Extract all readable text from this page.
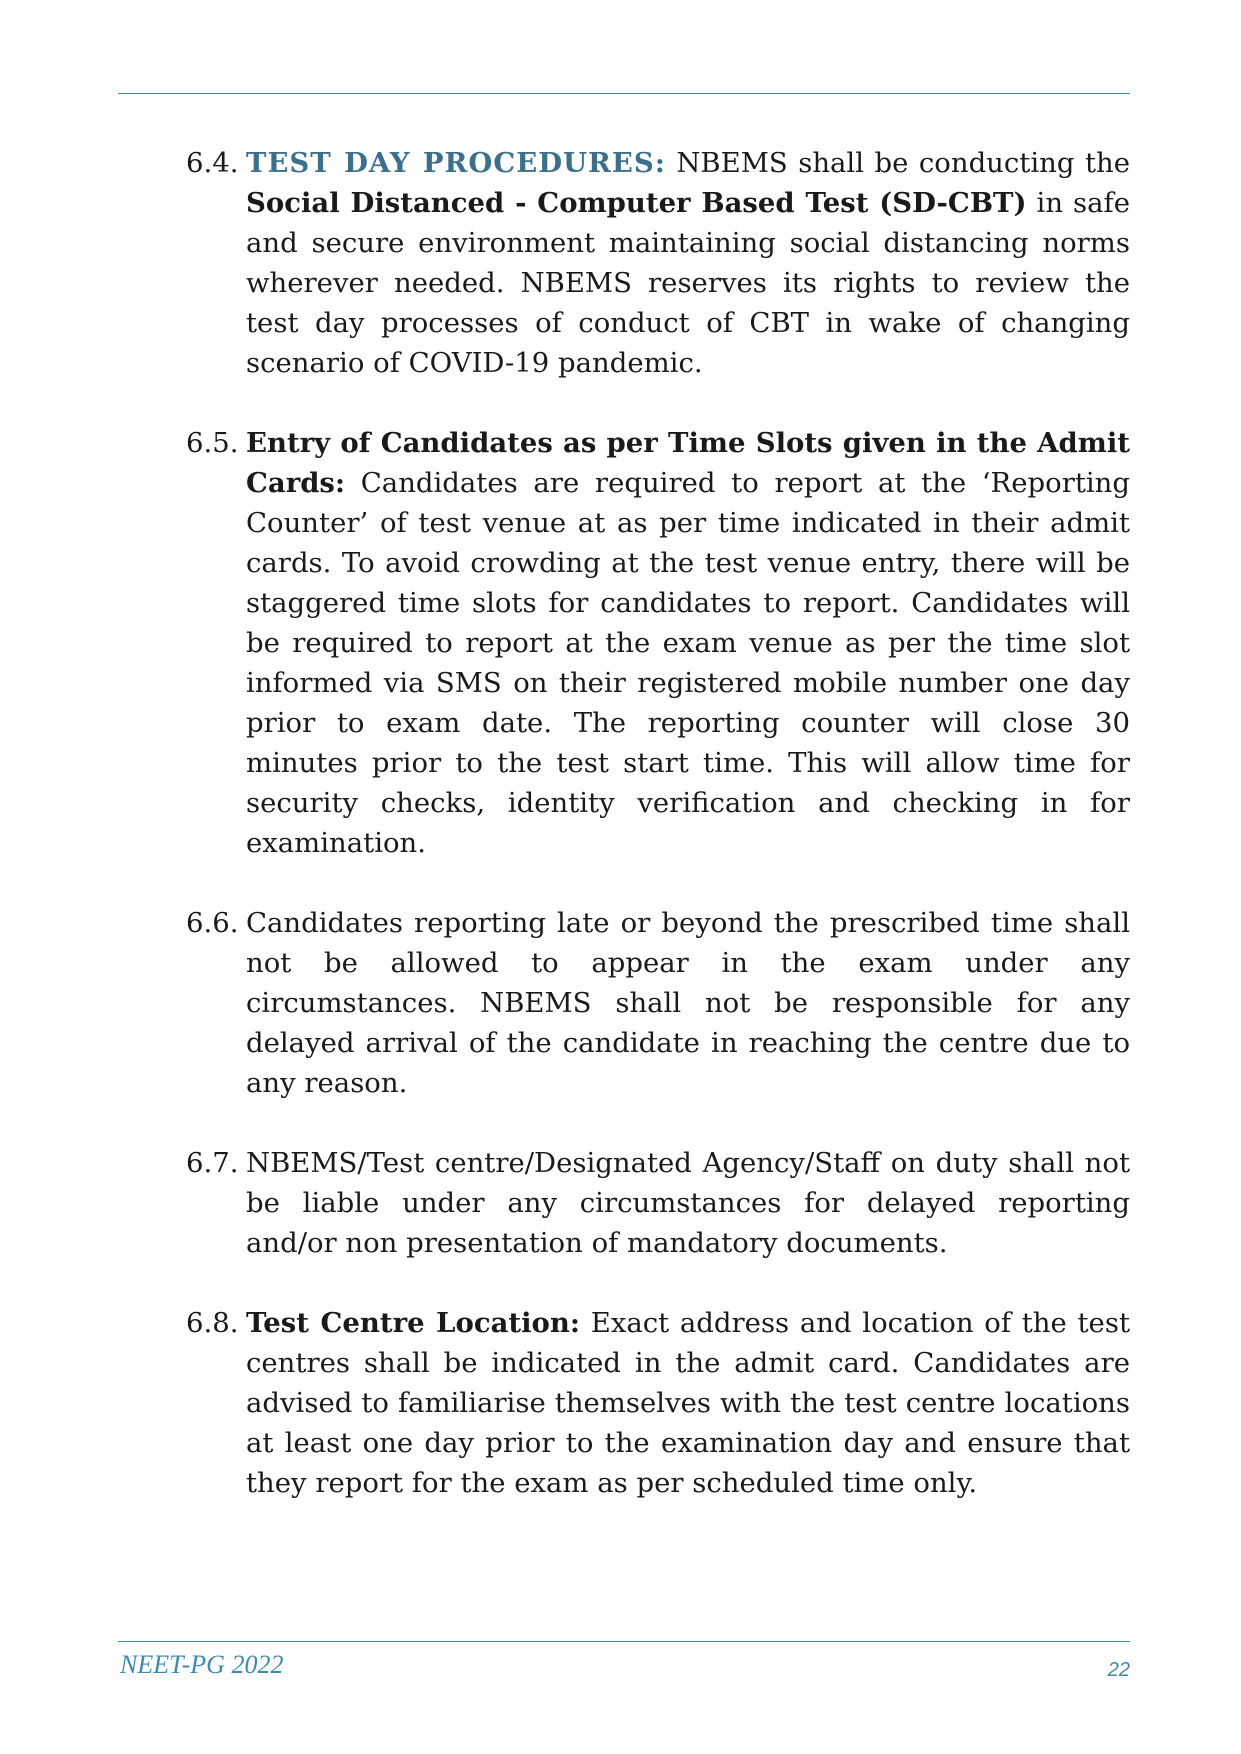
6.4. TEST DAY PROCEDURES: NBEMS shall be conducting the Social Distanced - Computer Based Test (SD-CBT) in safe and secure environment maintaining social distancing norms wherever needed. NBEMS reserves its rights to review the test day processes of conduct of CBT in wake of changing scenario of COVID-19 pandemic.

6.5. Entry of Candidates as per Time Slots given in the Admit Cards: Candidates are required to report at the ‘Reporting Counter’ of test venue at as per time indicated in their admit cards. To avoid crowding at the test venue entry, there will be staggered time slots for candidates to report. Candidates will be required to report at the exam venue as per the time slot informed via SMS on their registered mobile number one day prior to exam date. The reporting counter will close 30 minutes prior to the test start time. This will allow time for security checks, identity verification and checking in for examination.

6.6. Candidates reporting late or beyond the prescribed time shall not be allowed to appear in the exam under any circumstances. NBEMS shall not be responsible for any delayed arrival of the candidate in reaching the centre due to any reason.

6.7. NBEMS/Test centre/Designated Agency/Staff on duty shall not be liable under any circumstances for delayed reporting and/or non presentation of mandatory documents.

6.8. Test Centre Location: Exact address and location of the test centres shall be indicated in the admit card. Candidates are advised to familiarise themselves with the test centre locations at least one day prior to the examination day and ensure that they report for the exam as per scheduled time only.

NEET-PG 2022	22
